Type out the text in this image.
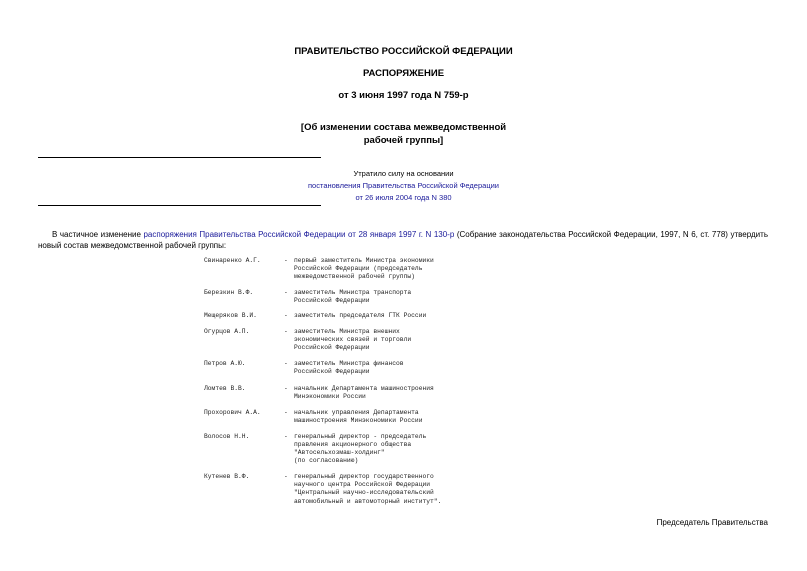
ПРАВИТЕЛЬСТВО РОССИЙСКОЙ ФЕДЕРАЦИИ
РАСПОРЯЖЕНИЕ
от 3 июня 1997 года N 759-р
[Об изменении состава межведомственной
рабочей группы]
Утратило силу на основании
постановления Правительства Российской Федерации
от 26 июля 2004 года N 380
В частичное изменение распоряжения Правительства Российской Федерации от 28 января 1997 г. N 130-р (Собрание законодательства Российской Федерации, 1997, N 6, ст. 778) утвердить новый состав межведомственной рабочей группы:
Свинаренко А.Г.	- первый заместитель Министра экономики
Российской Федерации (председатель
межведомственной рабочей группы)
Березкин В.Ф.	- заместитель Министра транспорта
Российской Федерации
Мещеряков В.И.	- заместитель председателя ГТК России
Огурцов А.П.	- заместитель Министра внешних
экономических связей и торговли
Российской Федерации
Петров А.Ю.	- заместитель Министра финансов
Российской Федерации
Ломтев В.В.	- начальник Департамента машиностроения
Минэкономики России
Прохорович А.А.	- начальник управления Департамента
машиностроения Минэкономики России
Волосов Н.Н.	- генеральный директор - председатель
правления акционерного общества
"Автосельхозмаш-холдинг"
(по согласованию)
Кутенев В.Ф.	- генеральный директор государственного
научного центра Российской Федерации
"Центральный научно-исследовательский
автомобильный и автомоторный институт".
Председатель Правительства
